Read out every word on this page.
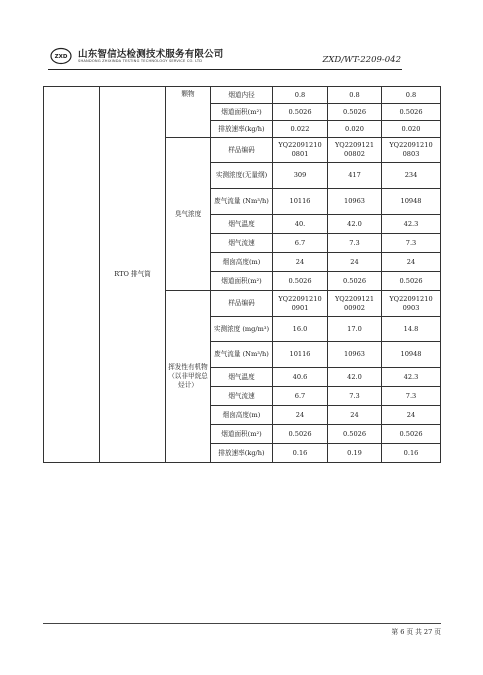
ZXD 山东智信达检测技术服务有限公司
SHANDONG ZHIXINDA TESTING TECHNOLOGY SERVICE CO. LTD	ZXD/WT-2209-042
	RTO 排气筒	颗物	烟道内径	0.8	0.8	0.8
			烟道面积(m²)	0.5026	0.5026	0.5026
			排放速率(kg/h)	0.022	0.020	0.020
		臭气浓度	样品编码	YQ22091210 0801	YQ2209121 00802	YQ22091210 0803
			实测浓度(无量纲)	309	417	234
			废气流量 (Nm³/h)	10116	10963	10948
			烟气温度	40.	42.0	42.3
			烟气流速	6.7	7.3	7.3
			烟囱高度(m)	24	24	24
			烟道面积(m²)	0.5026	0.5026	0.5026
		挥发性有机物（以非甲烷总烃计）	样品编码	YQ22091210 0901	YQ2209121 00902	YQ22091210 0903
			实测浓度 (mg/m³)	16.0	17.0	14.8
			废气流量 (Nm³/h)	10116	10963	10948
			烟气温度	40.6	42.0	42.3
			烟气流速	6.7	7.3	7.3
			烟囱高度(m)	24	24	24
			烟道面积(m²)	0.5026	0.5026	0.5026
			排放速率(kg/h)	0.16	0.19	0.16
第 6 页 共 27 页
